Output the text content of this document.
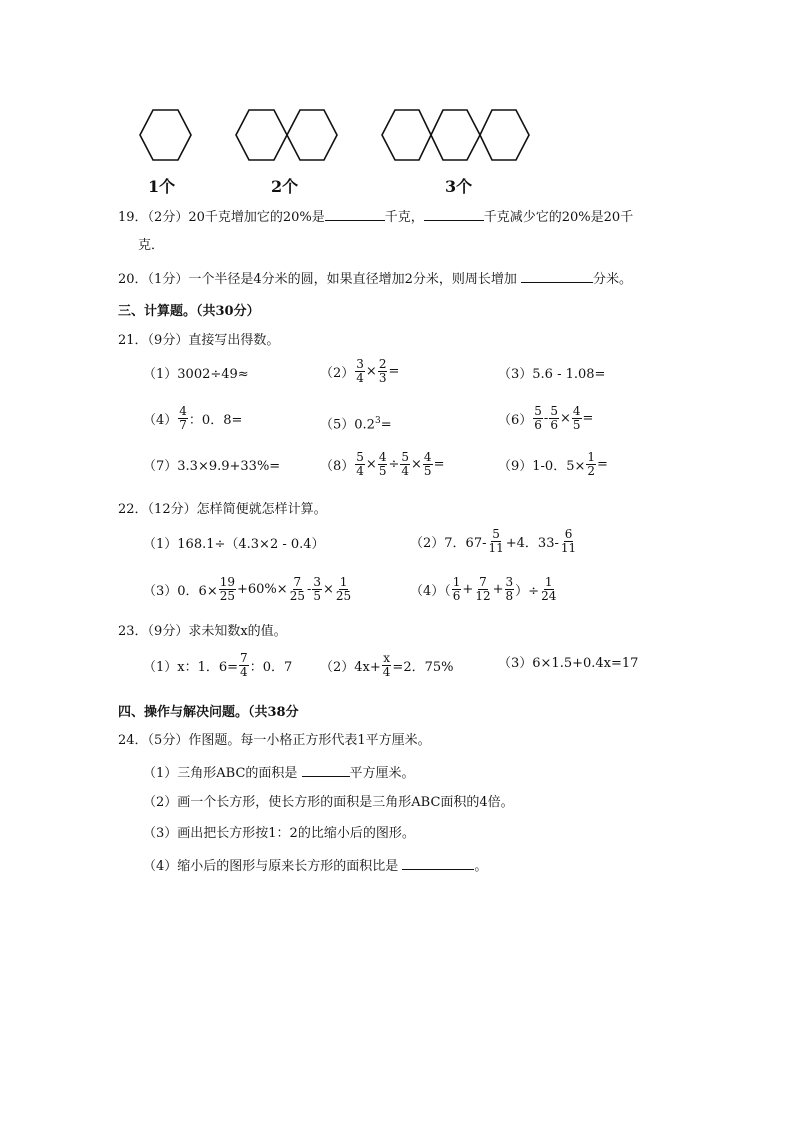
1个	2个	3个
19．（2分）20千克增加它的20%是	千克，	千克减少它的20%是20千
克．
20．（1分）一个半径是4分米的圆，如果直径增加2分米，则周长增加	分米。
三、计算题。（共30分）
21．（9分）直接写出得数。
（1）3002÷49≈	$(2) \frac{3}{4} \times \frac{2}{3}$ =	（3）5.6 - 1.08=
$(4) \frac{4}{7}$ ：0．8=	$(5)0.2^3=$	$(6) \frac{5}{6} - \frac{5}{6} \times \frac{4}{5}$ =
（7）3.3×9.9+33%=	$(8) \frac{5}{4} \times \frac{4}{5} \div \frac{5}{4} \times \frac{4}{5}$ =	（9）1-0．$5\times \frac{1}{2}$ =
22．（12分）怎样简便就怎样计算。
（1）168.1÷（4.3×2 - 0.4）	（2）7．$67- \frac{5}{11} +4$．$33- \frac{6}{11}$
（3）0．$6\times \frac{19}{25} +60\%\times \frac{7}{25} - \frac{3}{5} \times \frac{1}{25}$	$(4)( \frac{1}{6} + \frac{7}{12} + \frac{3}{8}$ ）÷ $\frac{1}{24}$
23．（9分）求未知数x的值。
（1）x：1．$6= \frac{7}{4}$ ：0．7 $(2)4x+ \frac{x}{4} =2$．75%	（3）6×1.5+0.4x=17
四、操作与解决问题。（共38分
24．（5分）作图题。每一小格正方形代表1平方厘米。
（1）三角形ABC的面积是	平方厘米。
（2）画一个长方形，使长方形的面积是三角形ABC面积的4倍。
（3）画出把长方形按1：2的比缩小后的图形。
（4）缩小后的图形与原来长方形的面积比是	。
